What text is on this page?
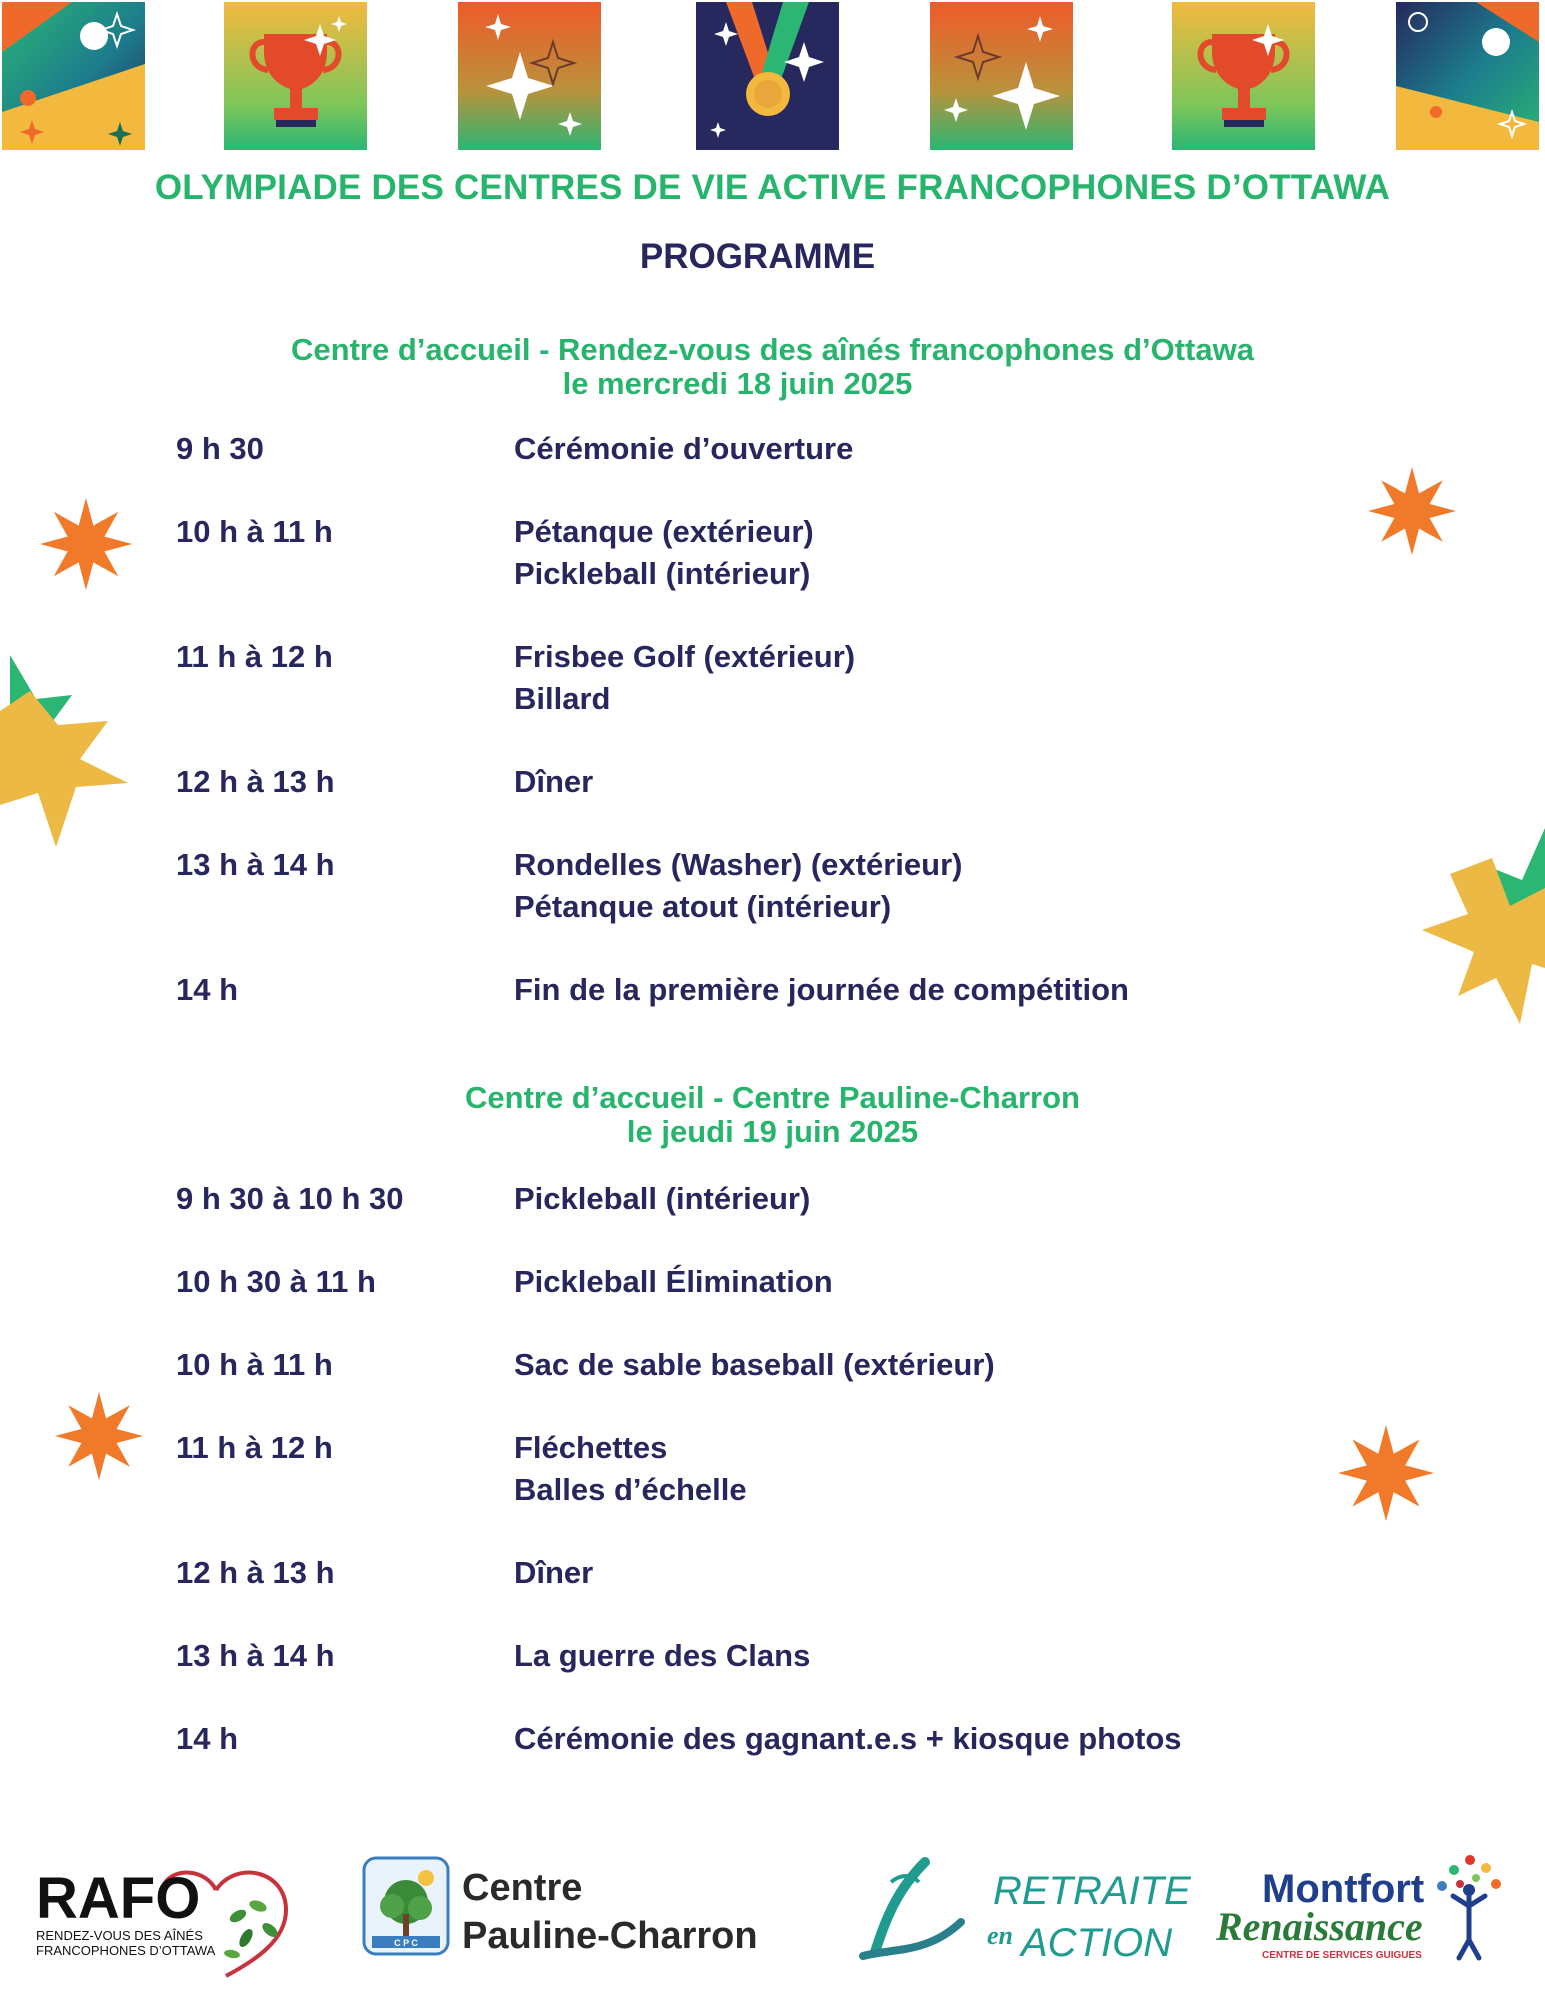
OLYMPIADE DES CENTRES DE VIE ACTIVE FRANCOPHONES D’OTTAWA
PROGRAMME
Centre d’accueil - Rendez-vous des aînés francophones d’Ottawa
le mercredi 18 juin 2025
9 h 30	Cérémonie d’ouverture
10 h à 11 h	Pétanque (extérieur)
Pickleball (intérieur)
11 h à 12 h	Frisbee Golf (extérieur)
Billard
12 h à 13 h	Dîner
13 h à 14 h	Rondelles (Washer) (extérieur)
Pétanque atout (intérieur)
14 h	Fin de la première journée de compétition
Centre d’accueil - Centre Pauline-Charron
le jeudi 19 juin 2025
9 h 30 à 10 h 30	Pickleball (intérieur)
10 h 30 à 11 h	Pickleball Élimination
10 h à 11 h	Sac de sable baseball (extérieur)
11 h à 12 h	Fléchettes
Balles d’échelle
12 h à 13 h	Dîner
13 h à 14 h	La guerre des Clans
14 h	Cérémonie des gagnant.e.s + kiosque photos
RAFO
RENDEZ-VOUS DES AÎNÉS
FRANCOPHONES D’OTTAWA	C P C
Centre
Pauline-Charron
RETRAITE
en ACTION
Montfort
Renaissance
CENTRE DE SERVICES GUIGUES
